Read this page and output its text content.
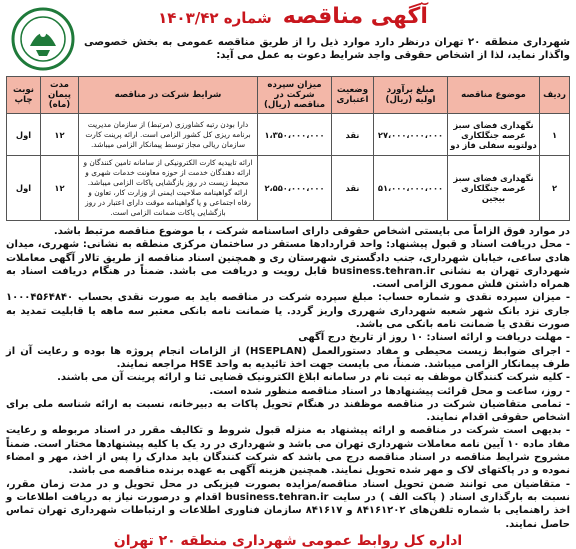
آگهی مناقصه شماره ۱۴۰۳/۴۲
شهرداری منطقه ۲۰ تهران درنظر دارد موارد ذیل را از طریق مناقصه عمومی به بخش خصوصی واگذار نماید، لذا از اشخاص حقوقی واجد شرایط دعوت به عمل می آید:
ردیف	موضوع مناقصه	مبلغ برآورد اولیه (ریال)	وضعیت اعتباری	میزان سپرده شرکت در مناقصه (ریال)	شرایط شرکت در مناقصه	مدت پیمان (ماه)	نوبت چاپ
۱	نگهداری فضای سبز عرصه جنگلکاری دولتویه سفلی فاز دو	۲۷،۰۰۰،۰۰۰،۰۰۰	نقد	۱،۳۵۰،۰۰۰،۰۰۰	دارا بودن رتبه کشاورزی (مرتبط) از سازمان مدیریت برنامه ریزی کل کشور الزامی است. ارائه پرینت کارت سازمان ریالی مجاز توسط پیمانکار الزامی میباشد.	۱۲	اول
۲	نگهداری فضای سبز عرصه جنگلکاری بیجین	۵۱،۰۰۰،۰۰۰،۰۰۰	نقد	۲،۵۵۰،۰۰۰،۰۰۰	ارائه تاییدیه کارت الکترونیکی از سامانه تامین کنندگان و ارائه دهندگان خدمت از حوزه معاونت خدمات شهری و محیط زیست در روز بازگشایی پاکات الزامی میباشد. ارائه گواهینامه صلاحیت ایمنی از وزارت کار، تعاون و رفاه اجتماعی و یا گواهینامه موقت دارای اعتبار در روز بازگشایی پاکات ضمانت الزامی است.	۱۲	اول

در موارد فوق الزاماً می بایستی اشخاص حقوقی دارای اساسنامه شرکت ، با موضوع مناقصه مرتبط باشد.

- محل دریافت اسناد و قبول پیشنهاد: واحد قراردادها مستقر در ساختمان مرکزی منطقه به نشانی: شهرری، میدان هادی ساعی، خیابان شهرداری، جنب دادگستری شهرستان ری و همچنین اسناد مناقصه از طریق تالار آگهی معاملات شهرداری تهران به نشانی business.tehran.ir قابل رویت و دریافت می باشد. ضمناً در هنگام دریافت اسناد به همراه داشتن فلش مموری الزامی است.

- میزان سپرده نقدی و شماره حساب: مبلغ سپرده شرکت در مناقصه باید به صورت نقدی بحساب ۱۰۰۰۴۵۶۴۸۴۰ جاری نزد بانک شهر شعبه شهرداری شهرری واریز گردد. یا ضمانت نامه بانکی معتبر سه ماهه یا قابلیت تمدید به صورت نقدی یا ضمانت نامه بانکی می باشد.

- مهلت دریافت و ارائه اسناد: ۱۰ روز از تاریخ درج آگهی

- اجرای ضوابط زیست محیطی و مفاد دستورالعمل (HSEPLAN) از الزامات انجام پروژه ها بوده و رعایت آن از طرف پیمانکار الزامی میباشد. ضمناً، می بایست جهت اخذ تائیدیه به واحد HSE مراجعه نمایند.

- کلیه شرکت کنندگان موظف به ثبت نام در سامانه ابلاغ الکترونیک قضایی ثنا و ارائه پرینت آن می باشند.

- روز، ساعت و محل قرائت پیشنهادها در اسناد مناقصه منظور شده است.

- تمامی متقاضیان شرکت در مناقصه موظفند در هنگام تحویل پاکات به دبیرخانه، نسبت به ارائه شناسه ملی برای اشخاص حقوقی اقدام نمایند.

- بدیهی است شرکت در مناقصه و ارائه پیشنهاد به منزله قبول شروط و تکالیف مقرر در اسناد مربوطه و رعایت مفاد ماده ۱۰ آیین نامه معاملات شهرداری تهران می باشد و شهرداری در رد یک یا کلیه پیشنهادها مختار است. ضمناً مشروح شرایط مناقصه در اسناد مناقصه درج می باشد که شرکت کنندگان باید مدارک را پس از اخذ، مهر و امضاء نموده و در پاکتهای لاک و مهر شده تحویل نمایند. همچنین هزینه آگهی به عهده برنده مناقصه می باشد.

- متقاضیان می توانند ضمن تحویل اسناد مناقصه/مزایده بصورت فیزیکی در محل تحویل و در مدت زمان مقرر، نسبت به بارگذاری اسناد ( پاکت الف ) در سایت business.tehran.ir اقدام و درصورت نیاز به دریافت اطلاعات و اخذ راهنمایی با شماره تلفن‌های ۸۴۱۶۱۲۰۲ و ۸۴۱۶۱۷ سازمان فناوری اطلاعات و ارتباطات شهرداری تهران تماس حاصل نمایند.

اداره کل روابط عمومی شهرداری منطقه ۲۰ تهران
